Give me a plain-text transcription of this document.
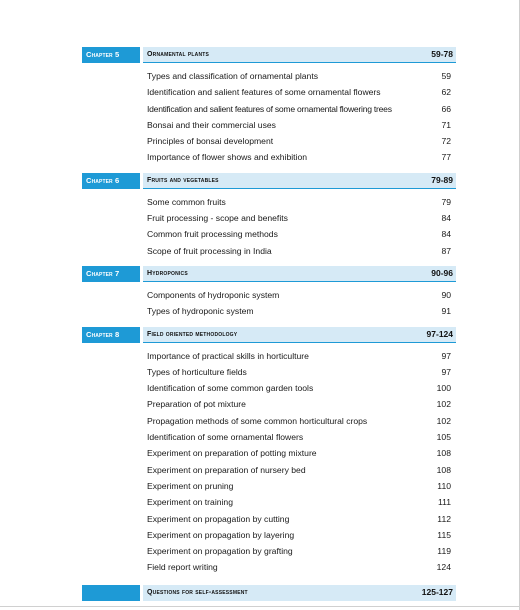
Chapter 5	Ornamental plants	59-78
Types and classification of ornamental plants	59
Identification and salient features of some ornamental flowers	62
Identification and salient features of some ornamental flowering trees	66
Bonsai and their commercial uses	71
Principles of bonsai development	72
Importance of flower shows and exhibition	77
Chapter 6	Fruits and vegetables	79-89
Some common fruits	79
Fruit processing - scope and benefits	84
Common fruit processing methods	84
Scope of fruit processing in India	87
Chapter 7	Hydroponics	90-96
Components of hydroponic system	90
Types of hydroponic system	91
Chapter 8	Field oriented methodology	97-124
Importance of practical skills in horticulture	97
Types of horticulture fields	97
Identification of some common garden tools	100
Preparation of pot mixture	102
Propagation methods of some common horticultural crops	102
Identification of some ornamental flowers	105
Experiment on preparation of potting mixture	108
Experiment on preparation of nursery bed	108
Experiment on pruning	110
Experiment on training	111
Experiment on propagation by cutting	112
Experiment on propagation by layering	115
Experiment on propagation by grafting	119
Field report writing	124
Questions for self-assessment	125-127
